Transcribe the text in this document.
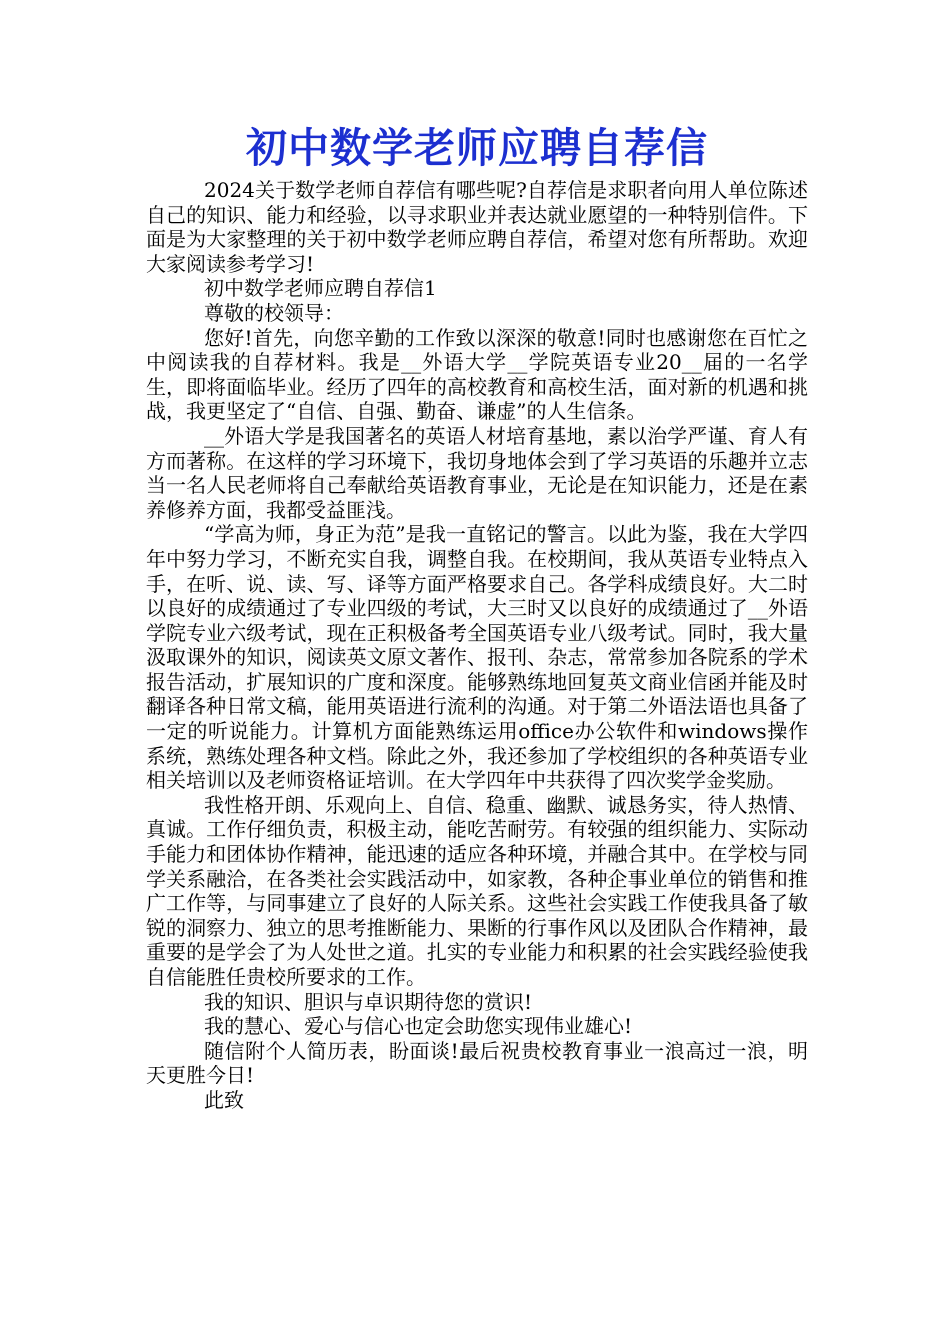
初中数学老师应聘自荐信

2024关于数学老师自荐信有哪些呢?自荐信是求职者向用人单位陈述自己的知识、能力和经验，以寻求职业并表达就业愿望的一种特别信件。下面是为大家整理的关于初中数学老师应聘自荐信，希望对您有所帮助。欢迎大家阅读参考学习!

初中数学老师应聘自荐信1

尊敬的校领导：

您好!首先，向您辛勤的工作致以深深的敬意!同时也感谢您在百忙之中阅读我的自荐材料。我是__外语大学__学院英语专业20__届的一名学生，即将面临毕业。经历了四年的高校教育和高校生活，面对新的机遇和挑战，我更坚定了“自信、自强、勤奋、谦虚”的人生信条。

__外语大学是我国著名的英语人材培育基地，素以治学严谨、育人有方而著称。在这样的学习环境下，我切身地体会到了学习英语的乐趣并立志当一名人民老师将自己奉献给英语教育事业，无论是在知识能力，还是在素养修养方面，我都受益匪浅。

“学高为师，身正为范”是我一直铭记的警言。以此为鉴，我在大学四年中努力学习，不断充实自我，调整自我。在校期间，我从英语专业特点入手，在听、说、读、写、译等方面严格要求自己。各学科成绩良好。大二时以良好的成绩通过了专业四级的考试，大三时又以良好的成绩通过了__外语学院专业六级考试，现在正积极备考全国英语专业八级考试。同时，我大量汲取课外的知识，阅读英文原文著作、报刊、杂志，常常参加各院系的学术报告活动，扩展知识的广度和深度。能够熟练地回复英文商业信函并能及时翻译各种日常文稿，能用英语进行流利的沟通。对于第二外语法语也具备了一定的听说能力。计算机方面能熟练运用office办公软件和windows操作系统，熟练处理各种文档。除此之外，我还参加了学校组织的各种英语专业相关培训以及老师资格证培训。在大学四年中共获得了四次奖学金奖励。

我性格开朗、乐观向上、自信、稳重、幽默、诚恳务实，待人热情、真诚。工作仔细负责，积极主动，能吃苦耐劳。有较强的组织能力、实际动手能力和团体协作精神，能迅速的适应各种环境，并融合其中。在学校与同学关系融洽，在各类社会实践活动中，如家教，各种企事业单位的销售和推广工作等，与同事建立了良好的人际关系。这些社会实践工作使我具备了敏锐的洞察力、独立的思考推断能力、果断的行事作风以及团队合作精神，最重要的是学会了为人处世之道。扎实的专业能力和积累的社会实践经验使我自信能胜任贵校所要求的工作。

我的知识、胆识与卓识期待您的赏识!

我的慧心、爱心与信心也定会助您实现伟业雄心!

随信附个人简历表，盼面谈!最后祝贵校教育事业一浪高过一浪，明天更胜今日!

此致
